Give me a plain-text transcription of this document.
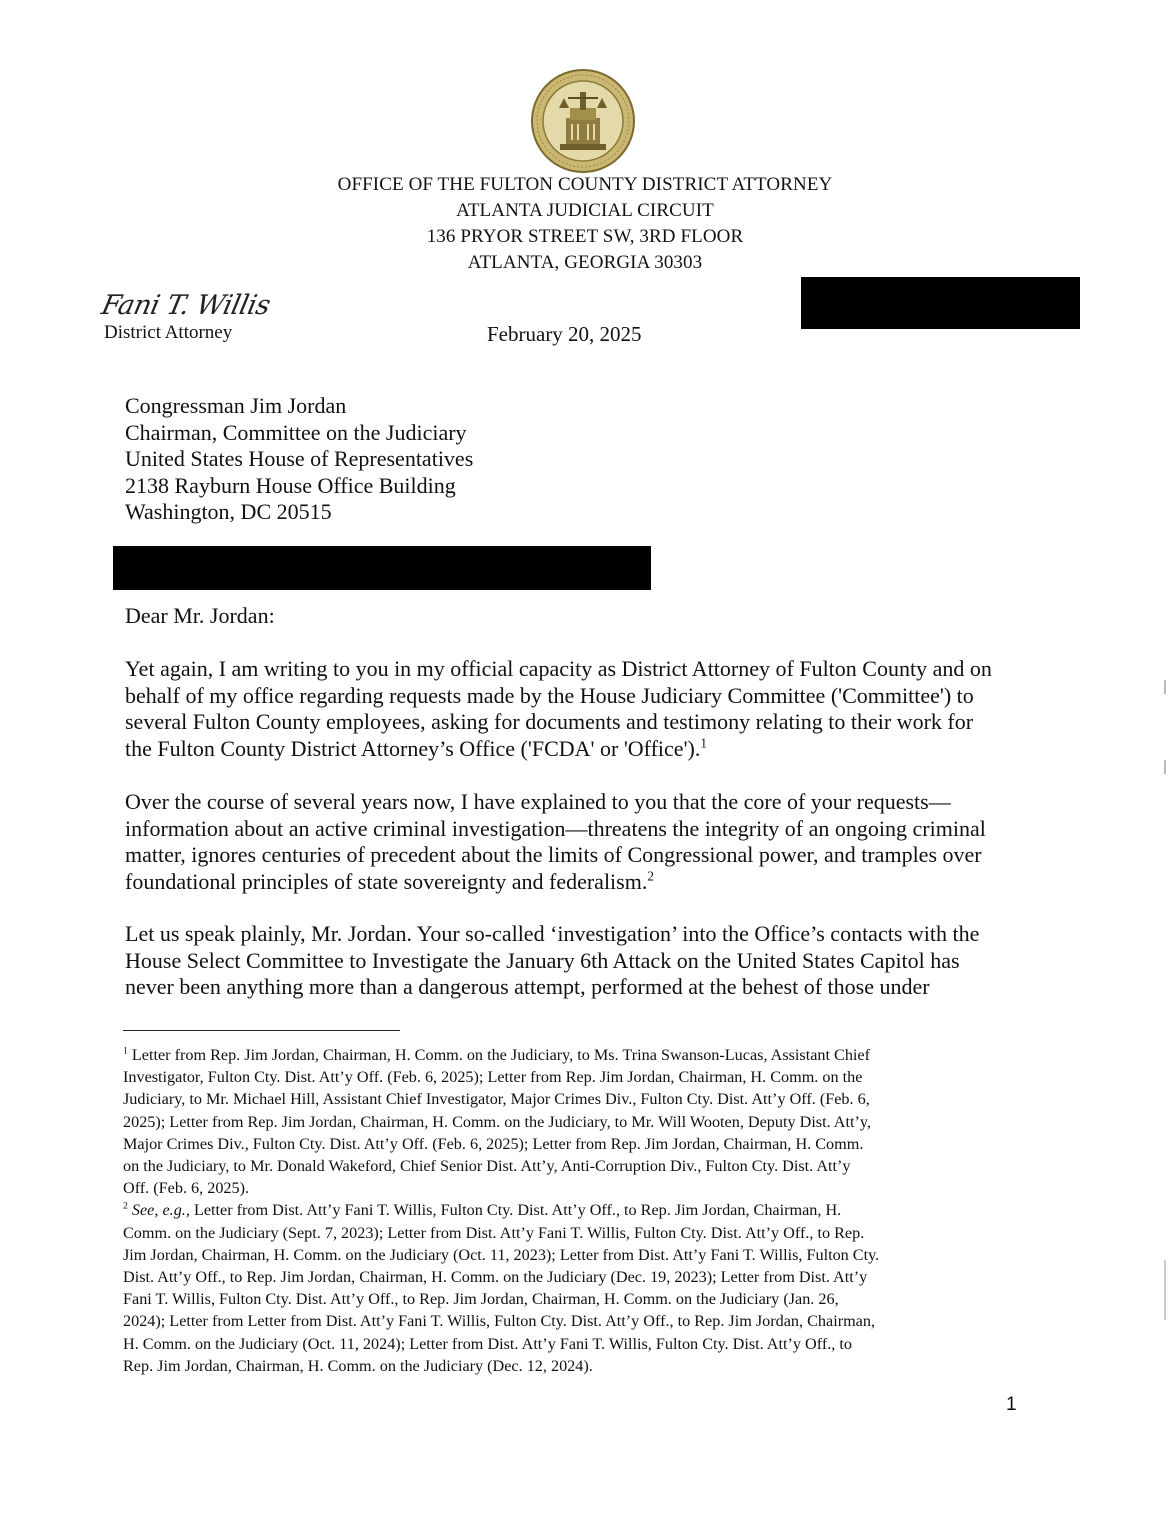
OFFICE OF THE FULTON COUNTY DISTRICT ATTORNEY
ATLANTA JUDICIAL CIRCUIT
136 PRYOR STREET SW, 3RD FLOOR
ATLANTA, GEORGIA 30303
Fani T. Willis
District Attorney	February 20, 2025
Congressman Jim Jordan
Chairman, Committee on the Judiciary
United States House of Representatives
2138 Rayburn House Office Building
Washington, DC 20515
Dear Mr. Jordan:
Yet again, I am writing to you in my official capacity as District Attorney of Fulton County and on
behalf of my office regarding requests made by the House Judiciary Committee ('Committee') to
several Fulton County employees, asking for documents and testimony relating to their work for
the Fulton County District Attorney’s Office ('FCDA' or 'Office').$^1$
Over the course of several years now, I have explained to you that the core of your requests—
information about an active criminal investigation—threatens the integrity of an ongoing criminal
matter, ignores centuries of precedent about the limits of Congressional power, and tramples over
foundational principles of state sovereignty and federalism.$^2$
Let us speak plainly, Mr. Jordan. Your so-called ‘investigation’ into the Office’s contacts with the
House Select Committee to Investigate the January 6th Attack on the United States Capitol has
never been anything more than a dangerous attempt, performed at the behest of those under
$^1$ Letter from Rep. Jim Jordan, Chairman, H. Comm. on the Judiciary, to Ms. Trina Swanson-Lucas, Assistant Chief
Investigator, Fulton Cty. Dist. Att’y Off. (Feb. 6, 2025); Letter from Rep. Jim Jordan, Chairman, H. Comm. on the
Judiciary, to Mr. Michael Hill, Assistant Chief Investigator, Major Crimes Div., Fulton Cty. Dist. Att’y Off. (Feb. 6,
2025); Letter from Rep. Jim Jordan, Chairman, H. Comm. on the Judiciary, to Mr. Will Wooten, Deputy Dist. Att’y,
Major Crimes Div., Fulton Cty. Dist. Att’y Off. (Feb. 6, 2025); Letter from Rep. Jim Jordan, Chairman, H. Comm.
on the Judiciary, to Mr. Donald Wakeford, Chief Senior Dist. Att’y, Anti-Corruption Div., Fulton Cty. Dist. Att’y
Off. (Feb. 6, 2025).
$^2$ See, e.g., Letter from Dist. Att’y Fani T. Willis, Fulton Cty. Dist. Att’y Off., to Rep. Jim Jordan, Chairman, H.
Comm. on the Judiciary (Sept. 7, 2023); Letter from Dist. Att’y Fani T. Willis, Fulton Cty. Dist. Att’y Off., to Rep.
Jim Jordan, Chairman, H. Comm. on the Judiciary (Oct. 11, 2023); Letter from Dist. Att’y Fani T. Willis, Fulton Cty.
Dist. Att’y Off., to Rep. Jim Jordan, Chairman, H. Comm. on the Judiciary (Dec. 19, 2023); Letter from Dist. Att’y
Fani T. Willis, Fulton Cty. Dist. Att’y Off., to Rep. Jim Jordan, Chairman, H. Comm. on the Judiciary (Jan. 26,
2024); Letter from Letter from Dist. Att’y Fani T. Willis, Fulton Cty. Dist. Att’y Off., to Rep. Jim Jordan, Chairman,
H. Comm. on the Judiciary (Oct. 11, 2024); Letter from Dist. Att’y Fani T. Willis, Fulton Cty. Dist. Att’y Off., to
Rep. Jim Jordan, Chairman, H. Comm. on the Judiciary (Dec. 12, 2024).
1
